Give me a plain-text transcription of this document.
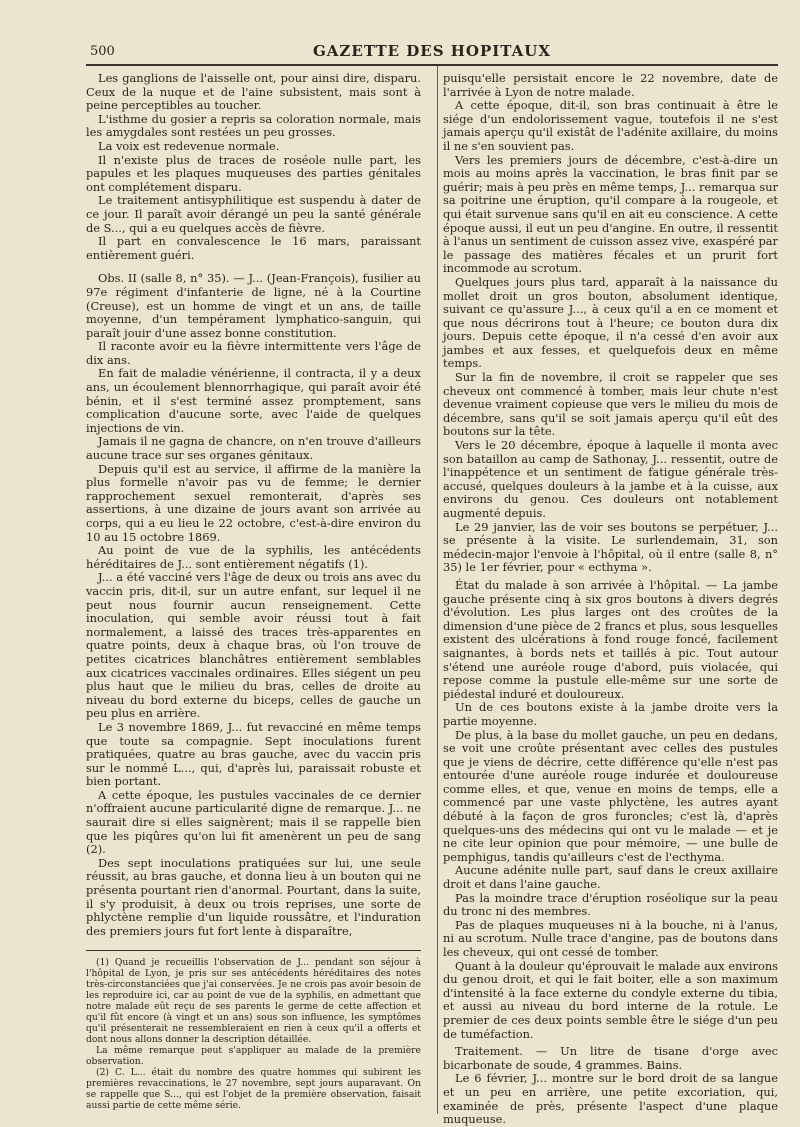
500	GAZETTE DES HOPITAUX

Les ganglions de l'aisselle ont, pour ainsi dire, disparu. Ceux de la nuque et de l'aine subsistent, mais sont à peine perceptibles au toucher.

L'isthme du gosier a repris sa coloration normale, mais les amygdales sont restées un peu grosses.

La voix est redevenue normale.

Il n'existe plus de traces de roséole nulle part, les papules et les plaques muqueuses des parties génitales ont complétement disparu.

Le traitement antisyphilitique est suspendu à dater de ce jour. Il paraît avoir dérangé un peu la santé générale de S..., qui a eu quelques accès de fièvre.

Il part en convalescence le 16 mars, paraissant entièrement guéri.

Obs. II (salle 8, n° 35). — J... (Jean-François), fusilier au 97e régiment d'infanterie de ligne, né à la Courtine (Creuse), est un homme de vingt et un ans, de taille moyenne, d'un tempérament lymphatico-sanguin, qui paraît jouir d'une assez bonne constitution.

Il raconte avoir eu la fièvre intermittente vers l'âge de dix ans.

En fait de maladie vénérienne, il contracta, il y a deux ans, un écoulement blennorrhagique, qui paraît avoir été bénin, et il s'est terminé assez promptement, sans complication d'aucune sorte, avec l'aide de quelques injections de vin.

Jamais il ne gagna de chancre, on n'en trouve d'ailleurs aucune trace sur ses organes génitaux.

Depuis qu'il est au service, il affirme de la manière la plus formelle n'avoir pas vu de femme; le dernier rapprochement sexuel remonterait, d'après ses assertions, à une dizaine de jours avant son arrivée au corps, qui a eu lieu le 22 octobre, c'est-à-dire environ du 10 au 15 octobre 1869.

Au point de vue de la syphilis, les antécédents héréditaires de J... sont entièrement négatifs (1).

J... a été vacciné vers l'âge de deux ou trois ans avec du vaccin pris, dit-il, sur un autre enfant, sur lequel il ne peut nous fournir aucun renseignement. Cette inoculation, qui semble avoir réussi tout à fait normalement, a laissé des traces très-apparentes en quatre points, deux à chaque bras, où l'on trouve de petites cicatrices blanchâtres entièrement semblables aux cicatrices vaccinales ordinaires. Elles siégent un peu plus haut que le milieu du bras, celles de droite au niveau du bord externe du biceps, celles de gauche un peu plus en arrière.

Le 3 novembre 1869, J... fut revacciné en même temps que toute sa compagnie. Sept inoculations furent pratiquées, quatre au bras gauche, avec du vaccin pris sur le nommé L..., qui, d'après lui, paraissait robuste et bien portant.

A cette époque, les pustules vaccinales de ce dernier n'offraient aucune particularité digne de remarque. J... ne saurait dire si elles saignèrent; mais il se rappelle bien que les piqûres qu'on lui fit amenèrent un peu de sang (2).

Des sept inoculations pratiquées sur lui, une seule réussit, au bras gauche, et donna lieu à un bouton qui ne présenta pourtant rien d'anormal. Pourtant, dans la suite, il s'y produisit, à deux ou trois reprises, une sorte de phlyctène remplie d'un liquide roussâtre, et l'induration des premiers jours fut fort lente à disparaître,

(1) Quand je recueillis l'observation de J... pendant son séjour à l'hôpital de Lyon, je pris sur ses antécédents héréditaires des notes très-circonstanciées que j'ai conservées. Je ne crois pas avoir besoin de les reproduire ici, car au point de vue de la syphilis, en admettant que notre malade eût reçu de ses parents le germe de cette affection et qu'il fût encore (à vingt et un ans) sous son influence, les symptômes qu'il présenterait ne ressembleraient en rien à ceux qu'il a offerts et dont nous allons donner la description détaillée.

La même remarque peut s'appliquer au malade de la première observation.

(2) C. L... était du nombre des quatre hommes qui subirent les premières revaccinations, le 27 novembre, sept jours auparavant. On se rappelle que S..., qui est l'objet de la première observation, faisait aussi partie de cette même série.

puisqu'elle persistait encore le 22 novembre, date de l'arrivée à Lyon de notre malade.

A cette époque, dit-il, son bras continuait à être le siége d'un endolorissement vague, toutefois il ne s'est jamais aperçu qu'il existât de l'adénite axillaire, du moins il ne s'en souvient pas.

Vers les premiers jours de décembre, c'est-à-dire un mois au moins après la vaccination, le bras finit par se guérir; mais à peu près en même temps, J... remarqua sur sa poitrine une éruption, qu'il compare à la rougeole, et qui était survenue sans qu'il en ait eu conscience. A cette époque aussi, il eut un peu d'angine. En outre, il ressentit à l'anus un sentiment de cuisson assez vive, exaspéré par le passage des matières fécales et un prurit fort incommode au scrotum.

Quelques jours plus tard, apparaît à la naissance du mollet droit un gros bouton, absolument identique, suivant ce qu'assure J..., à ceux qu'il a en ce moment et que nous décrirons tout à l'heure; ce bouton dura dix jours. Depuis cette époque, il n'a cessé d'en avoir aux jambes et aux fesses, et quelquefois deux en même temps.

Sur la fin de novembre, il croit se rappeler que ses cheveux ont commencé à tomber, mais leur chute n'est devenue vraiment copieuse que vers le milieu du mois de décembre, sans qu'il se soit jamais aperçu qu'il eût des boutons sur la tête.

Vers le 20 décembre, époque à laquelle il monta avec son bataillon au camp de Sathonay, J... ressentit, outre de l'inappétence et un sentiment de fatigue générale très-accusé, quelques douleurs à la jambe et à la cuisse, aux environs du genou. Ces douleurs ont notablement augmenté depuis.

Le 29 janvier, las de voir ses boutons se perpétuer, J... se présente à la visite. Le surlendemain, 31, son médecin-major l'envoie à l'hôpital, où il entre (salle 8, n° 35) le 1er février, pour « ecthyma ».

État du malade à son arrivée à l'hôpital. — La jambe gauche présente cinq à six gros boutons à divers degrés d'évolution. Les plus larges ont des croûtes de la dimension d'une pièce de 2 francs et plus, sous lesquelles existent des ulcérations à fond rouge foncé, facilement saignantes, à bords nets et taillés à pic. Tout autour s'étend une auréole rouge d'abord, puis violacée, qui repose comme la pustule elle-même sur une sorte de piédestal induré et douloureux.

Un de ces boutons existe à la jambe droite vers la partie moyenne.

De plus, à la base du mollet gauche, un peu en dedans, se voit une croûte présentant avec celles des pustules que je viens de décrire, cette différence qu'elle n'est pas entourée d'une auréole rouge indurée et douloureuse comme elles, et que, venue en moins de temps, elle a commencé par une vaste phlyctène, les autres ayant débuté à la façon de gros furoncles; c'est là, d'après quelques-uns des médecins qui ont vu le malade — et je ne cite leur opinion que pour mémoire, — une bulle de pemphigus, tandis qu'ailleurs c'est de l'ecthyma.

Aucune adénite nulle part, sauf dans le creux axillaire droit et dans l'aine gauche.

Pas la moindre trace d'éruption roséolique sur la peau du tronc ni des membres.

Pas de plaques muqueuses ni à la bouche, ni à l'anus, ni au scrotum. Nulle trace d'angine, pas de boutons dans les cheveux, qui ont cessé de tomber.

Quant à la douleur qu'éprouvait le malade aux environs du genou droit, et qui le fait boiter, elle a son maximum d'intensité à la face externe du condyle externe du tibia, et aussi au niveau du bord interne de la rotule. Le premier de ces deux points semble être le siége d'un peu de tuméfaction.

Traitement. — Un litre de tisane d'orge avec bicarbonate de soude, 4 grammes. Bains.

Le 6 février, J... montre sur le bord droit de sa langue et un peu en arrière, une petite excoriation, qui, examinée de près, présente l'aspect d'une plaque muqueuse.
